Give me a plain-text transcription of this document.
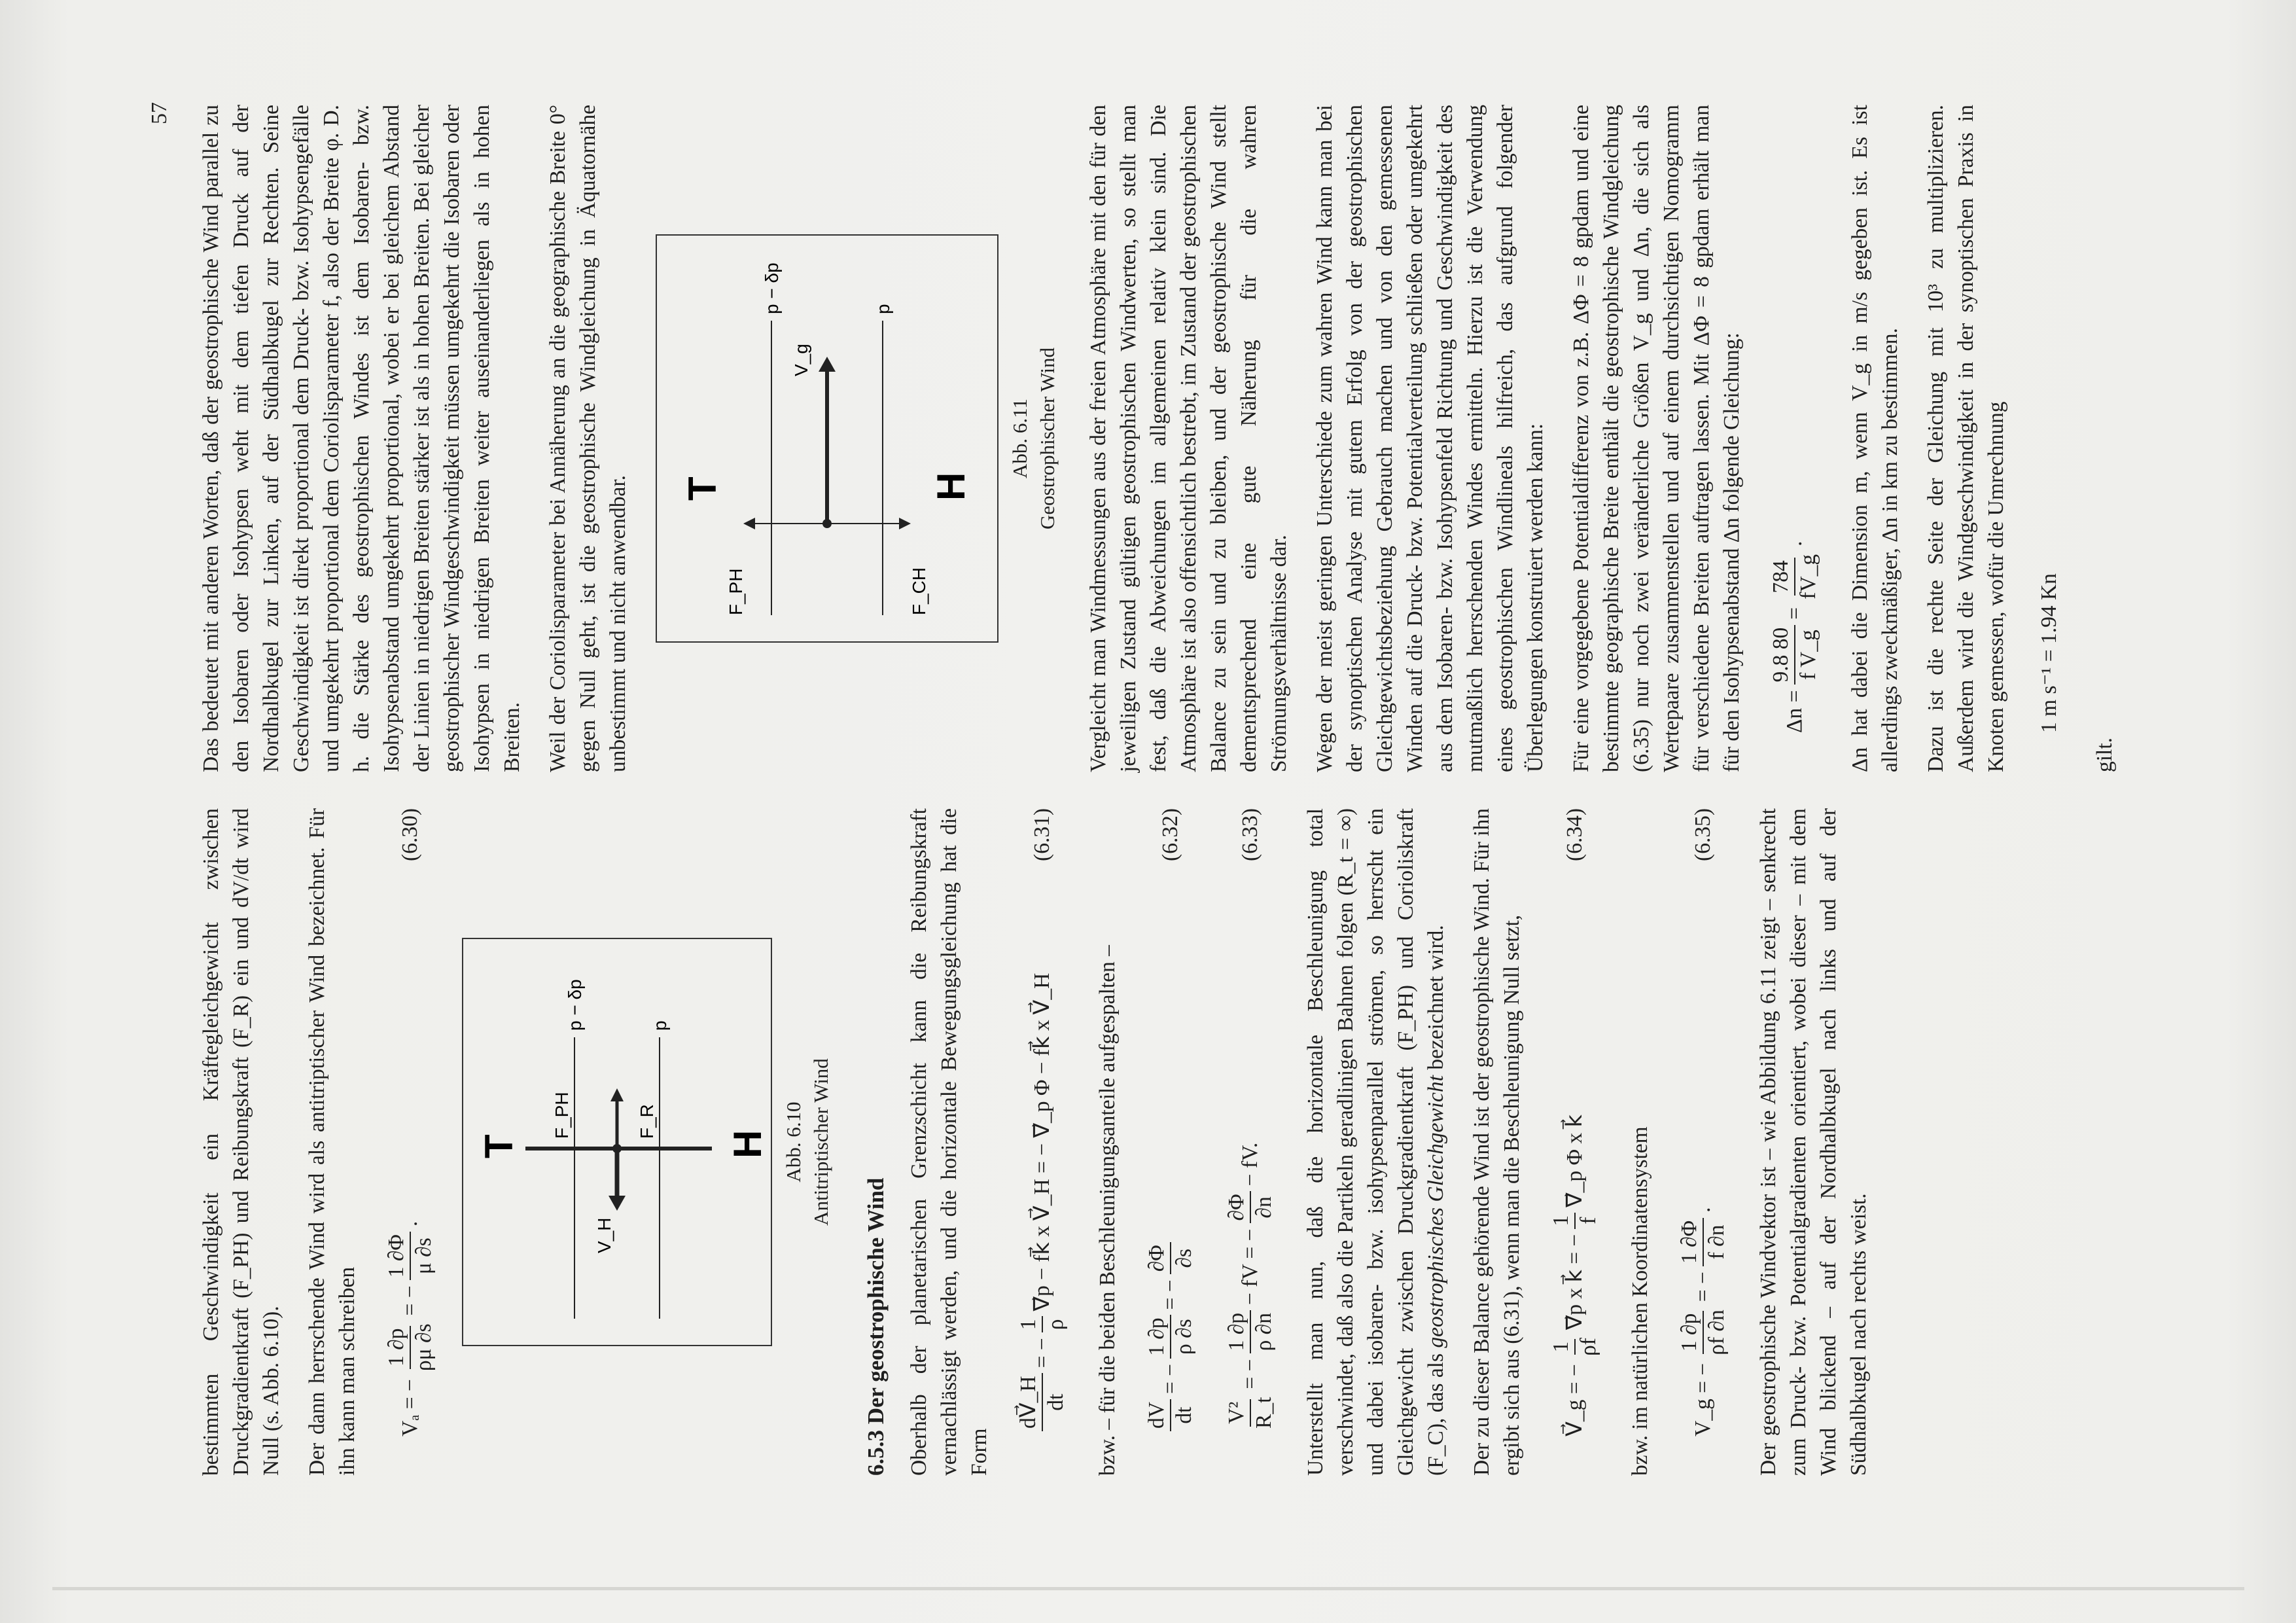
57

bestimmten Geschwindigkeit ein Kräftegleichgewicht zwischen Druckgradientkraft (F_PH) und Reibungskraft (F_R) ein und dV/dt wird Null (s. Abb. 6.10). Der dann herrschende Wind wird als antitriptischer Wind bezeichnet. Für ihn kann man schreiben Vₐ = −
1 ∂p ρμ ∂s
= −
1 ∂Φ μ ∂s
.
(6.30)
T	H
V_H
F_PH	F_R
p − δp	p
Abb. 6.10 Antitriptischer Wind
6.5.3 Der geostrophische Wind Oberhalb der planetarischen Grenzschicht kann die Reibungskraft vernachlässigt werden, und die horizontale Bewegungsgleichung hat die Form

dV⃗_H dt
= −
1 ρ
∇⃗p − fk⃗ x V⃗_H = − ∇⃗_p Φ − fk⃗ x V⃗_H
(6.31)

bzw. – für die beiden Beschleunigungsanteile aufgespalten – dV dt
= −
1 ∂p ρ ∂s
= −
∂Φ ∂s
(6.32)
V² R_t
= −
1 ∂p ρ ∂n
− fV = −
∂Φ ∂n
− fV.
(6.33) Unterstellt man nun, daß die horizontale Beschleunigung total verschwindet, daß also die Partikeln geradlinigen Bahnen folgen (R_t = ∞) und dabei isobaren- bzw. isohypsenparallel strömen, so herrscht ein Gleichgewicht zwischen Druckgradientkraft (F_PH) und Corioliskraft (F_C), das als geostrophisches Gleichgewicht bezeichnet wird. Der zu dieser Balance gehörende Wind ist der geostrophische Wind. Für ihn ergibt sich aus (6.31), wenn man die Beschleunigung Null setzt, V⃗_g = −
1 ρf
∇⃗p x k⃗ = −
1 f
∇⃗_p Φ x k⃗
(6.34)

bzw. im natürlichen Koordinatensystem V_g = −
1 ∂p ρf ∂n
= −
1 ∂Φ f ∂n
.
(6.35) Der geostrophische Windvektor ist – wie Abbildung 6.11 zeigt – senkrecht zum Druck- bzw. Potentialgradienten orientiert, wobei dieser – mit dem Wind blickend – auf der Nordhalbkugel nach links und auf der Südhalbkugel nach rechts weist.

Das bedeutet mit anderen Worten, daß der geostrophische Wind parallel zu den Isobaren oder Isohypsen weht mit dem tiefen Druck auf der Nordhalbkugel zur Linken, auf der Südhalbkugel zur Rechten. Seine Geschwindigkeit ist direkt proportional dem Druck- bzw. Isohypsengefälle und umgekehrt proportional dem Coriolisparameter f, also der Breite φ. D. h. die Stärke des geostrophischen Windes ist dem Isobaren- bzw. Isohypsenabstand umgekehrt proportional, wobei er bei gleichem Abstand der Linien in niedrigen Breiten stärker ist als in hohen Breiten. Bei gleicher geostrophischer Windgeschwindigkeit müssen umgekehrt die Isobaren oder Isohypsen in niedrigen Breiten weiter auseinanderliegen als in hohen Breiten. Weil der Coriolisparameter bei Annäherung an die geographische Breite 0° gegen Null geht, ist die geostrophische Windgleichung in Äquatornähe unbestimmt und nicht anwendbar. T	H
F_PH	F_CH
V_g
p − δp	p
Abb. 6.11 Geostrophischer Wind Vergleicht man Windmessungen aus der freien Atmosphäre mit den für den jeweiligen Zustand gültigen geostrophischen Windwerten, so stellt man fest, daß die Abweichungen im allgemeinen relativ klein sind. Die Atmosphäre ist also offensichtlich bestrebt, im Zustand der geostrophischen Balance zu sein und zu bleiben, und der geostrophische Wind stellt dementsprechend eine gute Näherung für die wahren Strömungsverhältnisse dar. Wegen der meist geringen Unterschiede zum wahren Wind kann man bei der synoptischen Analyse mit gutem Erfolg von der geostrophischen Gleichgewichtsbeziehung Gebrauch machen und von den gemessenen Winden auf die Druck- bzw. Potentialverteilung schließen oder umgekehrt aus dem Isobaren- bzw. Isohypsenfeld Richtung und Geschwindigkeit des mutmaßlich herrschenden Windes ermitteln. Hierzu ist die Verwendung eines geostrophischen Windlineals hilfreich, das aufgrund folgender Überlegungen konstruiert werden kann: Für eine vorgegebene Potentialdifferenz von z.B. ΔΦ = 8 gpdam und eine bestimmte geographische Breite enthält die geostrophische Windgleichung (6.35) nur noch zwei veränderliche Größen V_g und Δn, die sich als Wertepaare zusammenstellen und auf einem durchsichtigen Nomogramm für verschiedene Breiten auftragen lassen. Mit ΔΦ = 8 gpdam erhält man für den Isohypsenabstand Δn folgende Gleichung: Δn =
9.8 80 f V_g
=
784 fV_g
. Δn hat dabei die Dimension m, wenn V_g in m/s gegeben ist. Es ist allerdings zweckmäßiger, Δn in km zu bestimmen. Dazu ist die rechte Seite der Gleichung mit 10³ zu multiplizieren. Außerdem wird die Windgeschwindigkeit in der synoptischen Praxis in Knoten gemessen, wofür die Umrechnung 1 m s⁻¹ = 1.94 Kn

gilt.
